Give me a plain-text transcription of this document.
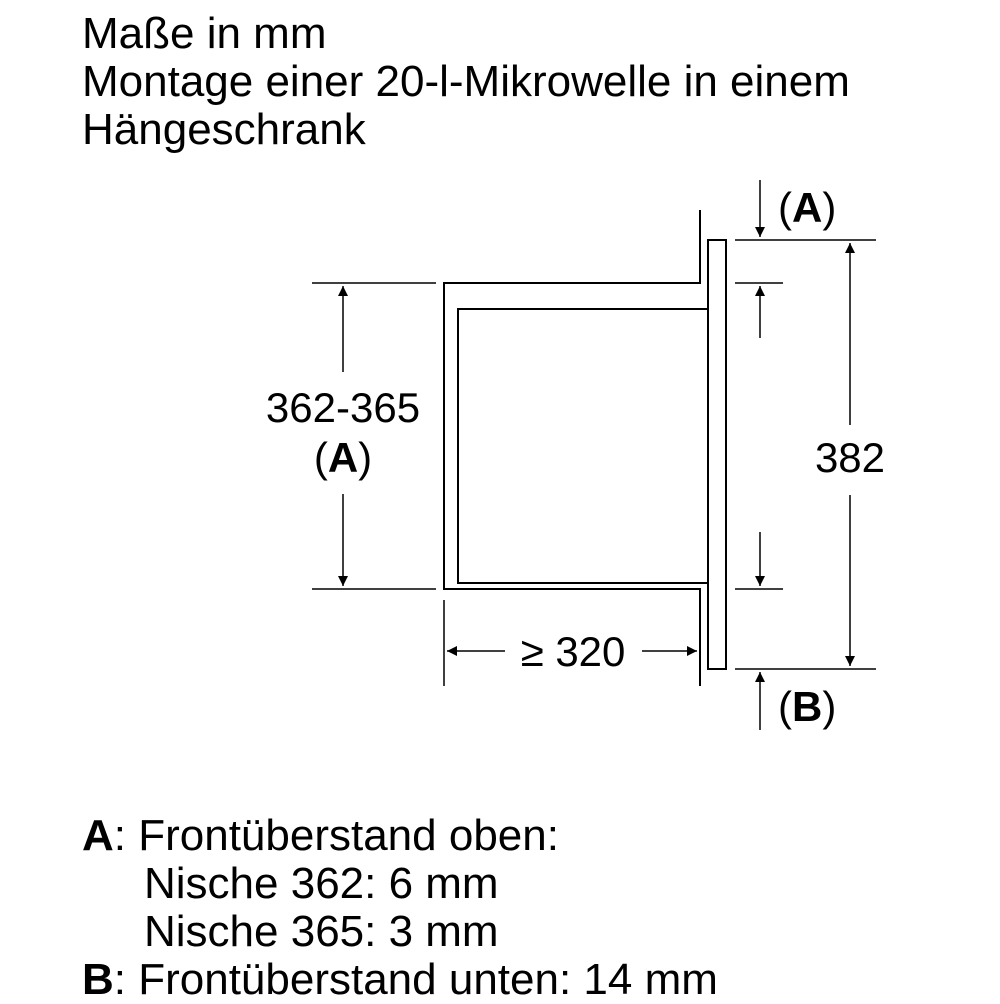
Maße in mm
Montage einer 20-l-Mikrowelle in einem
Hängeschrank
362-365
(A)
≥ 320
382
(A)
(B)
A: Frontüberstand oben:
Nische 362: 6 mm
Nische 365: 3 mm
B: Frontüberstand unten: 14 mm
